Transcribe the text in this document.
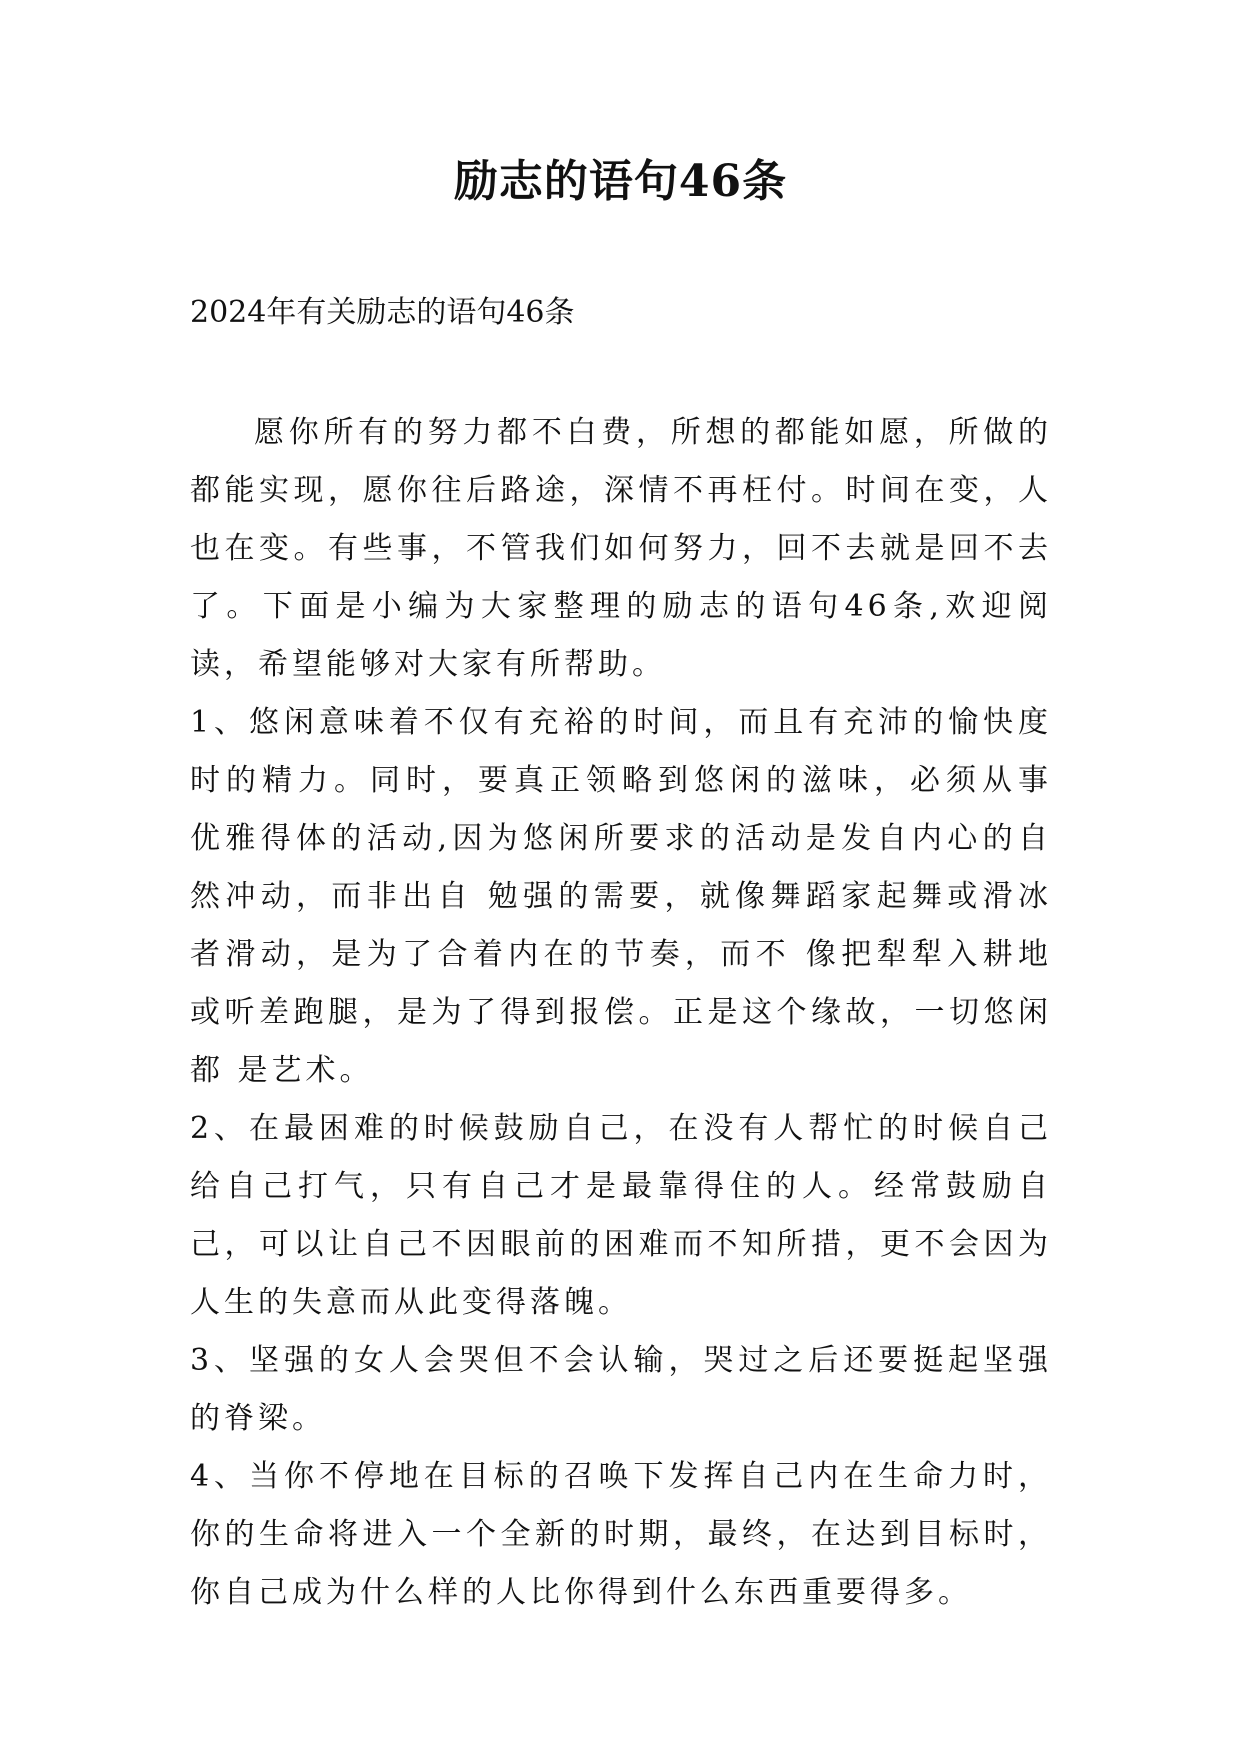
励志的语句46条
2024年有关励志的语句46条

愿你所有的努力都不白费，所想的都能如愿，所做的都能实现，愿你往后路途，深情不再枉付。时间在变，人也在变。有些事，不管我们如何努力，回不去就是回不去了。下面是小编为大家整理的励志的语句46条,欢迎阅读，希望能够对大家有所帮助。

1、悠闲意味着不仅有充裕的时间，而且有充沛的愉快度时的精力。同时，要真正领略到悠闲的滋味，必须从事 优雅得体的活动,因为悠闲所要求的活动是发自内心的自然冲动，而非出自 勉强的需要，就像舞蹈家起舞或滑冰者滑动，是为了合着内在的节奏，而不 像把犁犁入耕地或听差跑腿，是为了得到报偿。正是这个缘故，一切悠闲都 是艺术。

2、在最困难的时候鼓励自己，在没有人帮忙的时候自己给自己打气，只有自己才是最靠得住的人。经常鼓励自己，可以让自己不因眼前的困难而不知所措，更不会因为人生的失意而从此变得落魄。

3、坚强的女人会哭但不会认输，哭过之后还要挺起坚强的脊梁。

4、当你不停地在目标的召唤下发挥自己内在生命力时，你的生命将进入一个全新的时期，最终，在达到目标时，你自己成为什么样的人比你得到什么东西重要得多。
